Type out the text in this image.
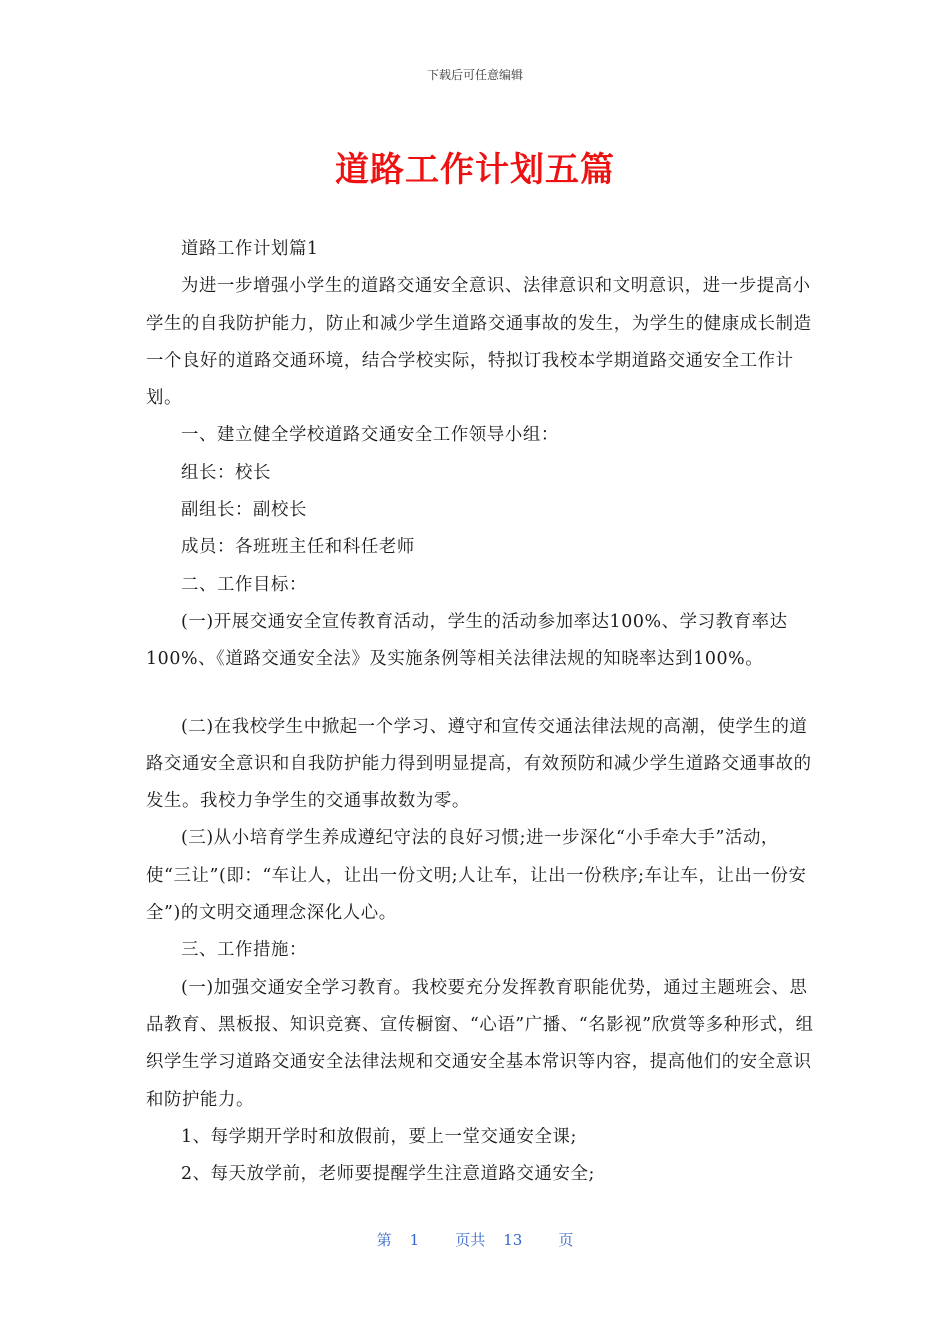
下载后可任意编辑
道路工作计划五篇

道路工作计划篇1

为进一步增强小学生的道路交通安全意识、法律意识和文明意识，进一步提高小学生的自我防护能力，防止和减少学生道路交通事故的发生，为学生的健康成长制造一个良好的道路交通环境，结合学校实际，特拟订我校本学期道路交通安全工作计划。

一、建立健全学校道路交通安全工作领导小组：

组长：校长

副组长：副校长

成员：各班班主任和科任老师

二、工作目标：

(一)开展交通安全宣传教育活动，学生的活动参加率达100%、学习教育率达100%、《道路交通安全法》及实施条例等相关法律法规的知晓率达到100%。

(二)在我校学生中掀起一个学习、遵守和宣传交通法律法规的高潮，使学生的道路交通安全意识和自我防护能力得到明显提高，有效预防和减少学生道路交通事故的发生。我校力争学生的交通事故数为零。

(三)从小培育学生养成遵纪守法的良好习惯;进一步深化“小手牵大手”活动，使“三让”(即：“车让人，让出一份文明;人让车，让出一份秩序;车让车，让出一份安全”)的文明交通理念深化人心。

三、工作措施：

(一)加强交通安全学习教育。我校要充分发挥教育职能优势，通过主题班会、思品教育、黑板报、知识竞赛、宣传橱窗、“心语”广播、“名影视”欣赏等多种形式，组织学生学习道路交通安全法律法规和交通安全基本常识等内容，提高他们的安全意识和防护能力。

1、每学期开学时和放假前，要上一堂交通安全课;

2、每天放学前，老师要提醒学生注意道路交通安全;

第 1 页共 13 页
